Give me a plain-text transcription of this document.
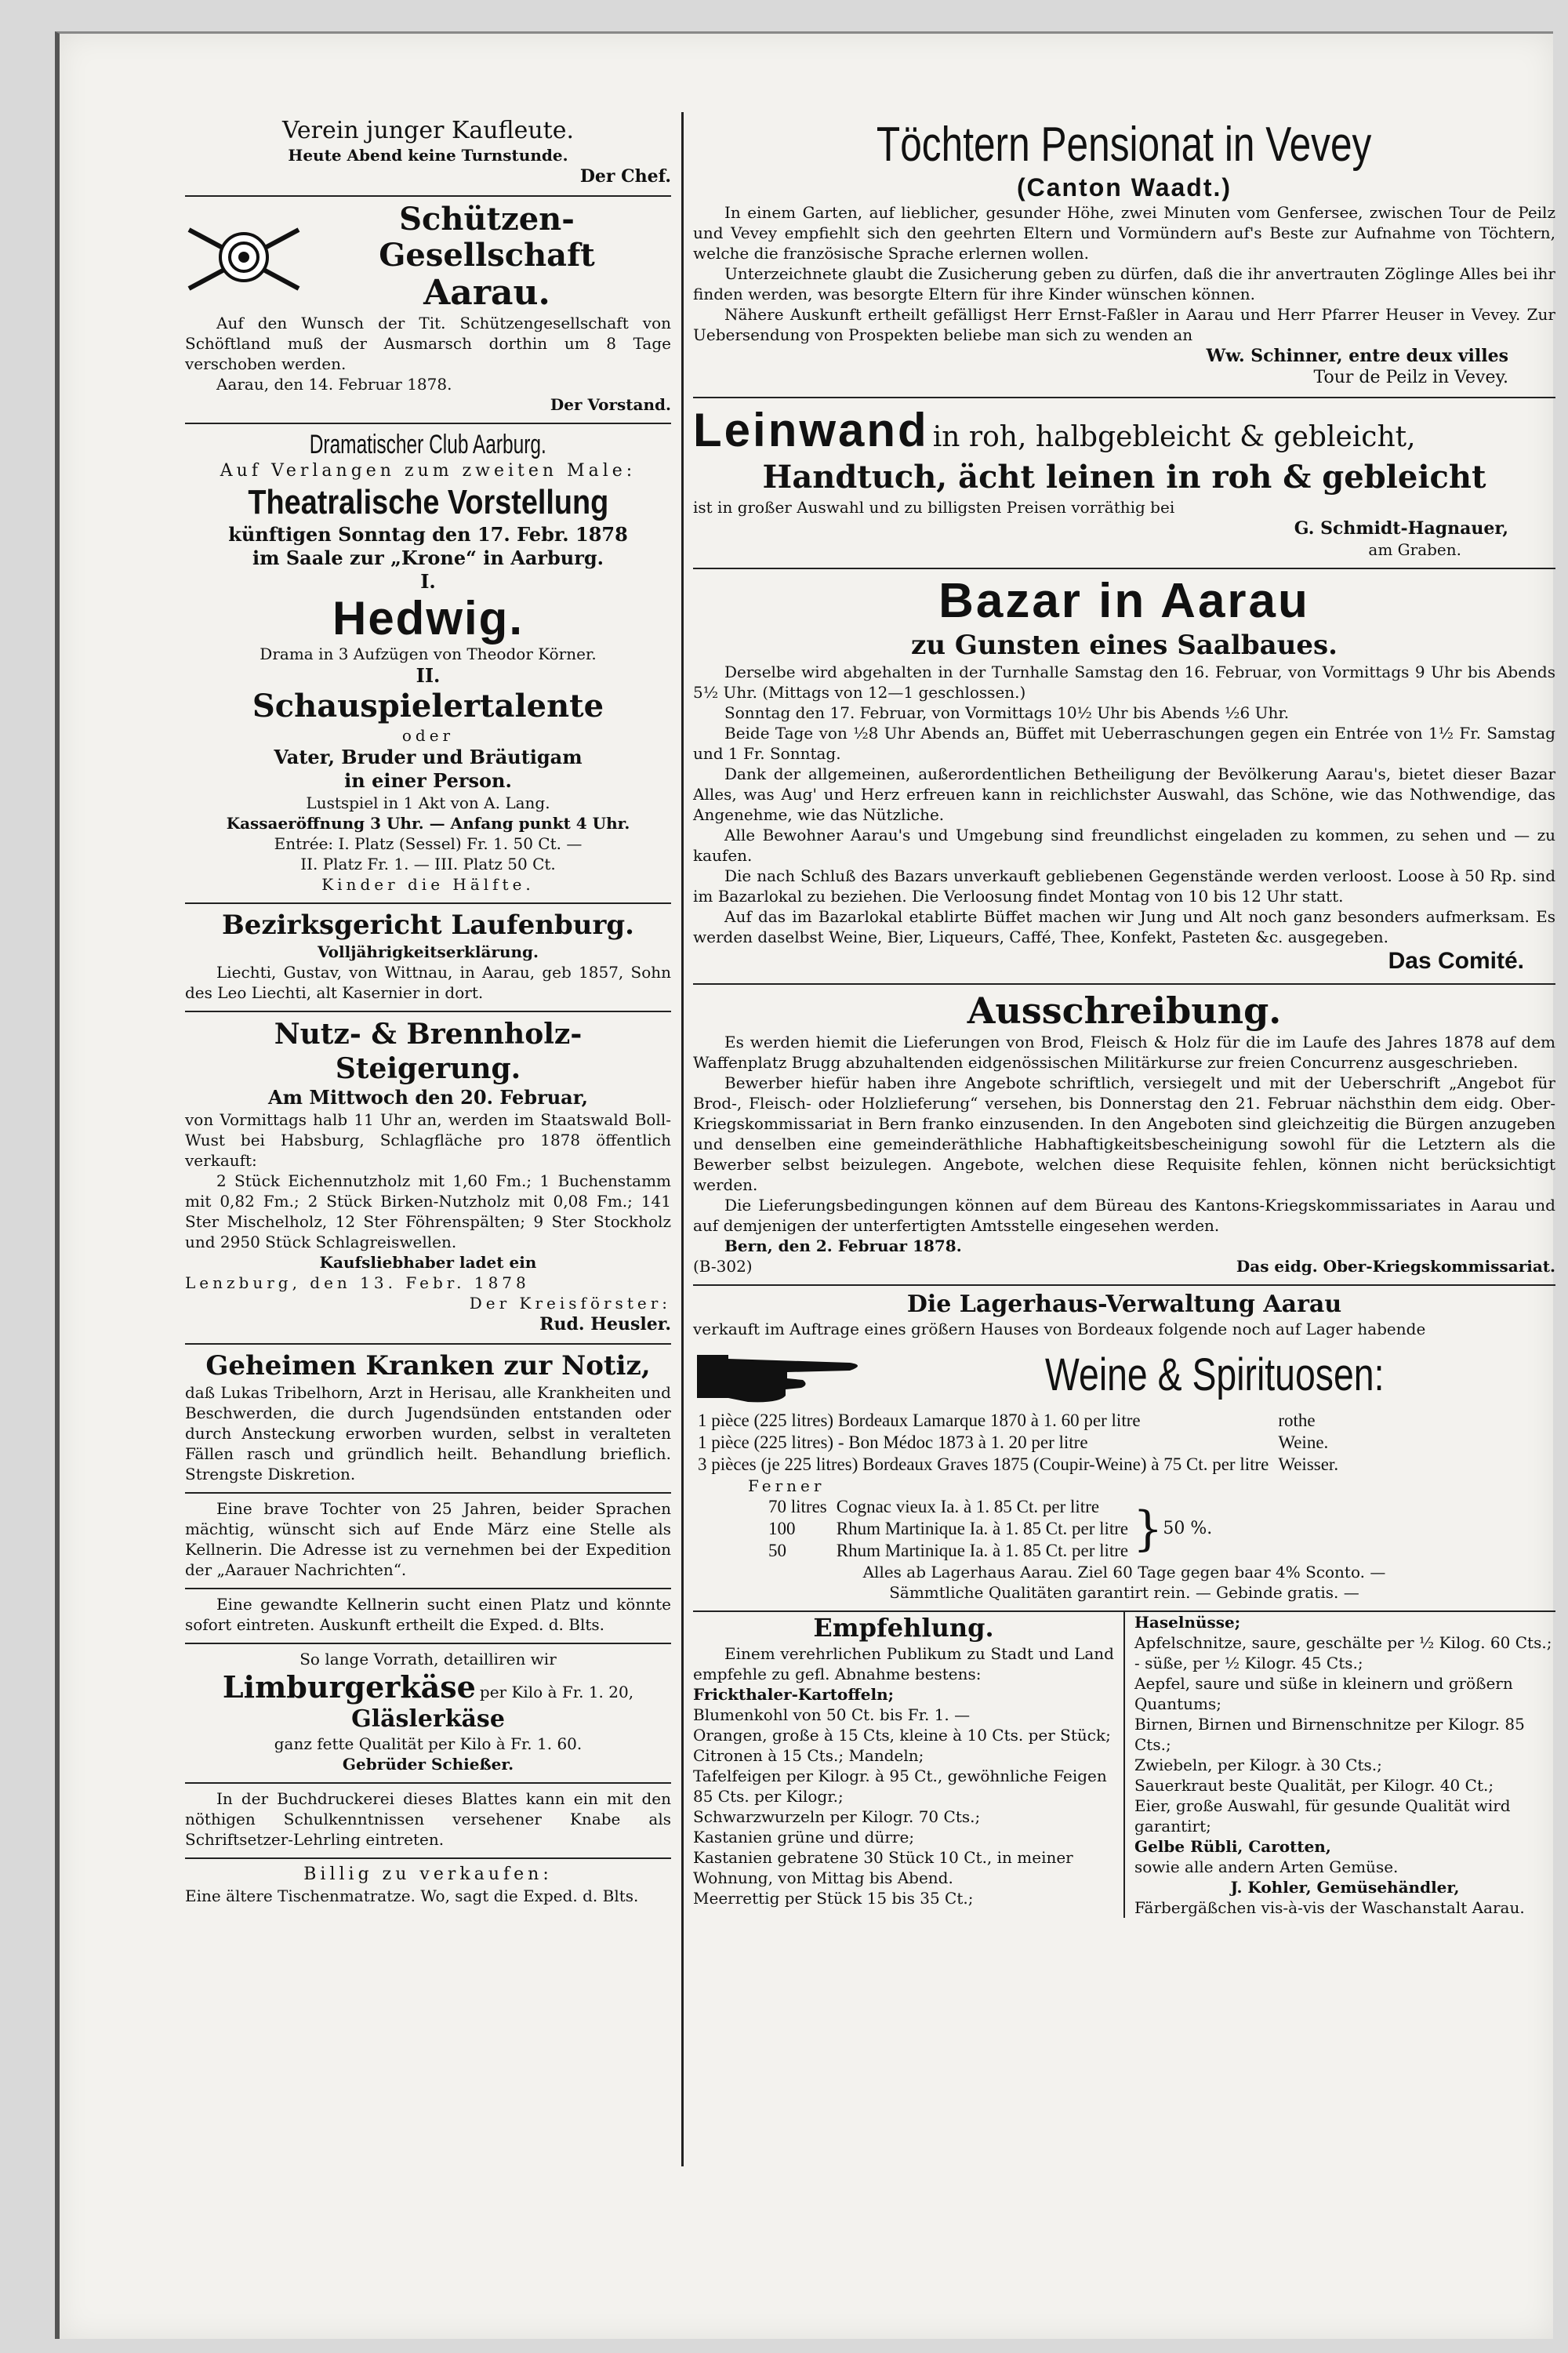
Verein junger Kaufleute.
Heute Abend keine Turnstunde.
Der Chef.
Schützen-Gesellschaft
Aarau.
Auf den Wunsch der Tit. Schützengesellschaft von Schöftland muß der Ausmarsch dorthin um 8 Tage verschoben werden.
Aarau, den 14. Februar 1878.
Der Vorstand.
Dramatischer Club Aarburg.
Auf Verlangen zum zweiten Male:
Theatralische Vorstellung
künftigen Sonntag den 17. Febr. 1878
im Saale zur „Krone“ in Aarburg.
I.
Hedwig.
Drama in 3 Aufzügen von Theodor Körner.
II.
Schauspielertalente
oder
Vater, Bruder und Bräutigam
in einer Person.
Lustspiel in 1 Akt von A. Lang.
Kassaeröffnung 3 Uhr. — Anfang punkt 4 Uhr.
Entrée: I. Platz (Sessel) Fr. 1. 50 Ct. —
II. Platz Fr. 1. — III. Platz 50 Ct.
Kinder die Hälfte.
Bezirksgericht Laufenburg.
Volljährigkeitserklärung.
Liechti, Gustav, von Wittnau, in Aarau, geb 1857, Sohn des Leo Liechti, alt Kasernier in dort.
Nutz- & Brennholz-Steigerung.
Am Mittwoch den 20. Februar,
von Vormittags halb 11 Uhr an, werden im Staatswald Boll-Wust bei Habsburg, Schlagfläche pro 1878 öffentlich verkauft:
2 Stück Eichennutzholz mit 1,60 Fm.; 1 Buchenstamm mit 0,82 Fm.; 2 Stück Birken-Nutzholz mit 0,08 Fm.; 141 Ster Mischelholz, 12 Ster Föhrenspälten; 9 Ster Stockholz und 2950 Stück Schlagreiswellen.
Kaufsliebhaber ladet ein
Lenzburg, den 13. Febr. 1878
Der Kreisförster:
Rud. Heusler.
Geheimen Kranken zur Notiz,
daß Lukas Tribelhorn, Arzt in Herisau, alle Krankheiten und Beschwerden, die durch Jugendsünden entstanden oder durch Ansteckung erworben wurden, selbst in veralteten Fällen rasch und gründlich heilt. Behandlung brieflich. Strengste Diskretion.
Eine brave Tochter von 25 Jahren, beider Sprachen mächtig, wünscht sich auf Ende März eine Stelle als Kellnerin. Die Adresse ist zu vernehmen bei der Expedition der „Aarauer Nachrichten“.
Eine gewandte Kellnerin sucht einen Platz und könnte sofort eintreten. Auskunft ertheilt die Exped. d. Blts.
So lange Vorrath, detailliren wir
Limburgerkäse per Kilo à Fr. 1. 20,
Gläslerkäse
ganz fette Qualität per Kilo à Fr. 1. 60.
Gebrüder Schießer.
In der Buchdruckerei dieses Blattes kann ein mit den nöthigen Schulkenntnissen versehener Knabe als Schriftsetzer-Lehrling eintreten.
Billig zu verkaufen:
Eine ältere Tischenmatratze. Wo, sagt die Exped. d. Blts.
Töchtern Pensionat in Vevey
(Canton Waadt.)
In einem Garten, auf lieblicher, gesunder Höhe, zwei Minuten vom Genfersee, zwischen Tour de Peilz und Vevey empfiehlt sich den geehrten Eltern und Vormündern auf's Beste zur Aufnahme von Töchtern, welche die französische Sprache erlernen wollen.
Unterzeichnete glaubt die Zusicherung geben zu dürfen, daß die ihr anvertrauten Zöglinge Alles bei ihr finden werden, was besorgte Eltern für ihre Kinder wünschen können.
Nähere Auskunft ertheilt gefälligst Herr Ernst-Faßler in Aarau und Herr Pfarrer Heuser in Vevey. Zur Uebersendung von Prospekten beliebe man sich zu wenden an
Ww. Schinner, entre deux villes
Tour de Peilz in Vevey.
Leinwand in roh, halbgebleicht & gebleicht,
Handtuch, ächt leinen in roh & gebleicht
ist in großer Auswahl und zu billigsten Preisen vorräthig bei
G. Schmidt-Hagnauer,
am Graben.
Bazar in Aarau
zu Gunsten eines Saalbaues.
Derselbe wird abgehalten in der Turnhalle Samstag den 16. Februar, von Vormittags 9 Uhr bis Abends 5½ Uhr. (Mittags von 12—1 geschlossen.)
Sonntag den 17. Februar, von Vormittags 10½ Uhr bis Abends ½6 Uhr.
Beide Tage von ½8 Uhr Abends an, Büffet mit Ueberraschungen gegen ein Entrée von 1½ Fr. Samstag und 1 Fr. Sonntag.
Dank der allgemeinen, außerordentlichen Betheiligung der Bevölkerung Aarau's, bietet dieser Bazar Alles, was Aug' und Herz erfreuen kann in reichlichster Auswahl, das Schöne, wie das Nothwendige, das Angenehme, wie das Nützliche.
Alle Bewohner Aarau's und Umgebung sind freundlichst eingeladen zu kommen, zu sehen und — zu kaufen.
Die nach Schluß des Bazars unverkauft gebliebenen Gegenstände werden verloost. Loose à 50 Rp. sind im Bazarlokal zu beziehen. Die Verloosung findet Montag von 10 bis 12 Uhr statt.
Auf das im Bazarlokal etablirte Büffet machen wir Jung und Alt noch ganz besonders aufmerksam. Es werden daselbst Weine, Bier, Liqueurs, Caffé, Thee, Konfekt, Pasteten &c. ausgegeben.
Das Comité.
Ausschreibung.
Es werden hiemit die Lieferungen von Brod, Fleisch & Holz für die im Laufe des Jahres 1878 auf dem Waffenplatz Brugg abzuhaltenden eidgenössischen Militärkurse zur freien Concurrenz ausgeschrieben.
Bewerber hiefür haben ihre Angebote schriftlich, versiegelt und mit der Ueberschrift „Angebot für Brod-, Fleisch- oder Holzlieferung“ versehen, bis Donnerstag den 21. Februar nächsthin dem eidg. Ober-Kriegskommissariat in Bern franko einzusenden. In den Angeboten sind gleichzeitig die Bürgen anzugeben und denselben eine gemeinderäthliche Habhaftigkeitsbescheinigung sowohl für die Letztern als die Bewerber selbst beizulegen. Angebote, welchen diese Requisite fehlen, können nicht berücksichtigt werden.
Die Lieferungsbedingungen können auf dem Büreau des Kantons-Kriegskommissariates in Aarau und auf demjenigen der unterfertigten Amtsstelle eingesehen werden.
Bern, den 2. Februar 1878.
(B-302)	Das eidg. Ober-Kriegskommissariat.
Die Lagerhaus-Verwaltung Aarau
verkauft im Auftrage eines größern Hauses von Bordeaux folgende noch auf Lager habende
Weine & Spirituosen:
1 pièce (225 litres) Bordeaux Lamarque 1870 à 1. 60 per litre	rothe
1 pièce (225 litres) - Bon Médoc 1873 à 1. 20 per litre	Weine.
3 pièces (je 225 litres) Bordeaux Graves 1875 (Coupir-Weine) à 75 Ct. per litre	Weisser.
Ferner
70 litres	Cognac vieux Ia. à 1. 85 Ct. per litre
100	Rhum Martinique Ia. à 1. 85 Ct. per litre
50	Rhum Martinique Ia. à 1. 85 Ct. per litre } 50 %.
Alles ab Lagerhaus Aarau. Ziel 60 Tage gegen baar 4% Sconto. —
Sämmtliche Qualitäten garantirt rein. — Gebinde gratis. —
Empfehlung.
Einem verehrlichen Publikum zu Stadt und Land empfehle zu gefl. Abnahme bestens:
Frickthaler-Kartoffeln;
Blumenkohl von 50 Ct. bis Fr. 1. —
Orangen, große à 15 Cts, kleine à 10 Cts. per Stück;
Citronen à 15 Cts.; Mandeln;
Tafelfeigen per Kilogr. à 95 Ct., gewöhnliche Feigen 85 Cts. per Kilogr.;
Schwarzwurzeln per Kilogr. 70 Cts.;
Kastanien grüne und dürre;
Kastanien gebratene 30 Stück 10 Ct., in meiner Wohnung, von Mittag bis Abend.
Meerrettig per Stück 15 bis 35 Ct.;
Haselnüsse;
Apfelschnitze, saure, geschälte per ½ Kilog. 60 Cts.;
- süße, per ½ Kilogr. 45 Cts.;
Aepfel, saure und süße in kleinern und größern Quantums;
Birnen, Birnen und Birnenschnitze per Kilogr. 85 Cts.;
Zwiebeln, per Kilogr. à 30 Cts.;
Sauerkraut beste Qualität, per Kilogr. 40 Ct.;
Eier, große Auswahl, für gesunde Qualität wird garantirt;
Gelbe Rübli, Carotten,
sowie alle andern Arten Gemüse.
J. Kohler, Gemüsehändler,
Färbergäßchen vis-à-vis der Waschanstalt Aarau.
